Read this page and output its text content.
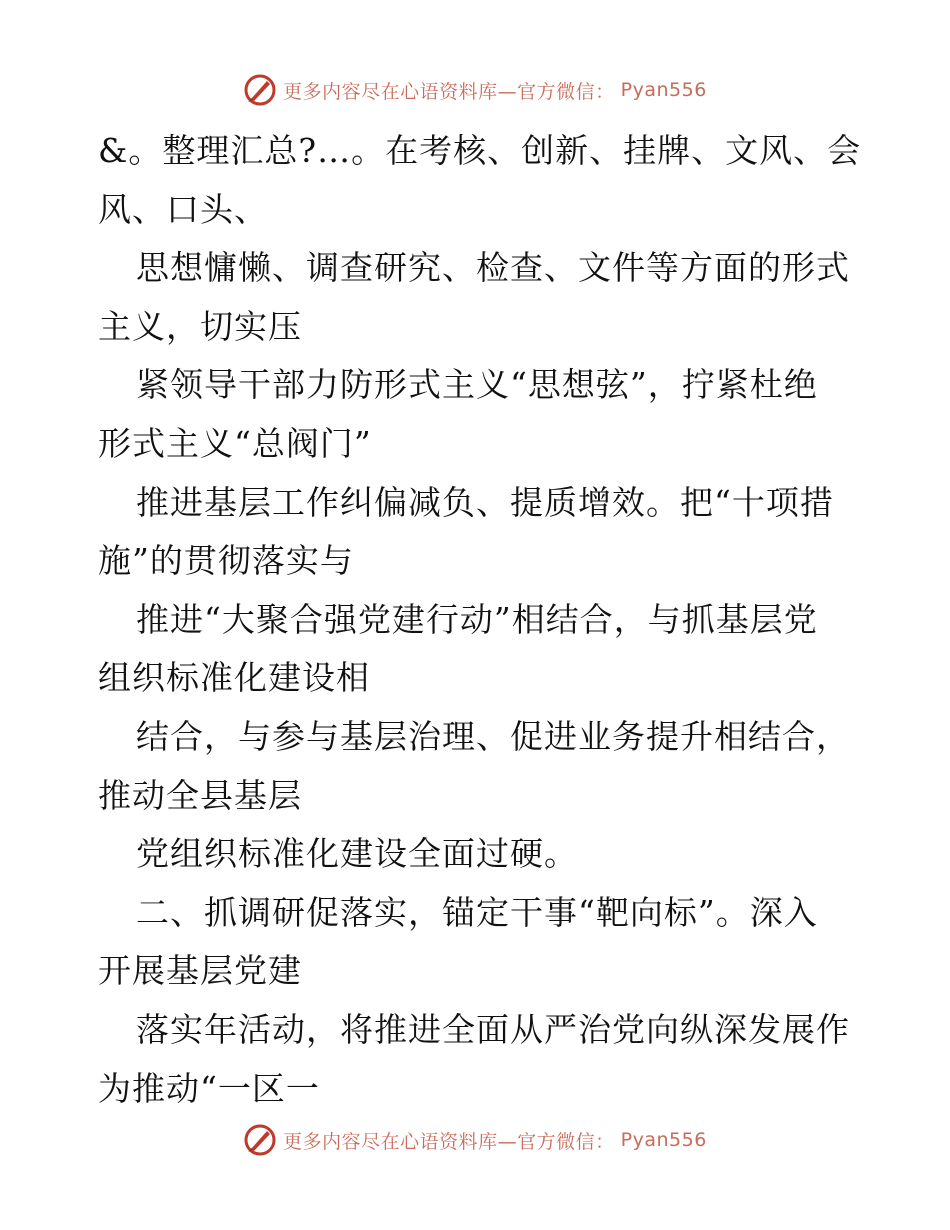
更多内容尽在心语资料库—官方微信： Pyan556
&。整理汇总?…。在考核、创新、挂牌、文风、会
风、口头、
思想慵懒、调查研究、检查、文件等方面的形式
主义，切实压
紧领导干部力防形式主义“思想弦”，拧紧杜绝
形式主义“总阀门”
推进基层工作纠偏减负、提质增效。把“十项措
施”的贯彻落实与
推进“大聚合强党建行动”相结合，与抓基层党
组织标准化建设相
结合，与参与基层治理、促进业务提升相结合，
推动全县基层
党组织标准化建设全面过硬。
二、抓调研促落实，锚定干事“靶向标”。深入
开展基层党建
落实年活动，将推进全面从严治党向纵深发展作
为推动“一区一
更多内容尽在心语资料库—官方微信： Pyan556
